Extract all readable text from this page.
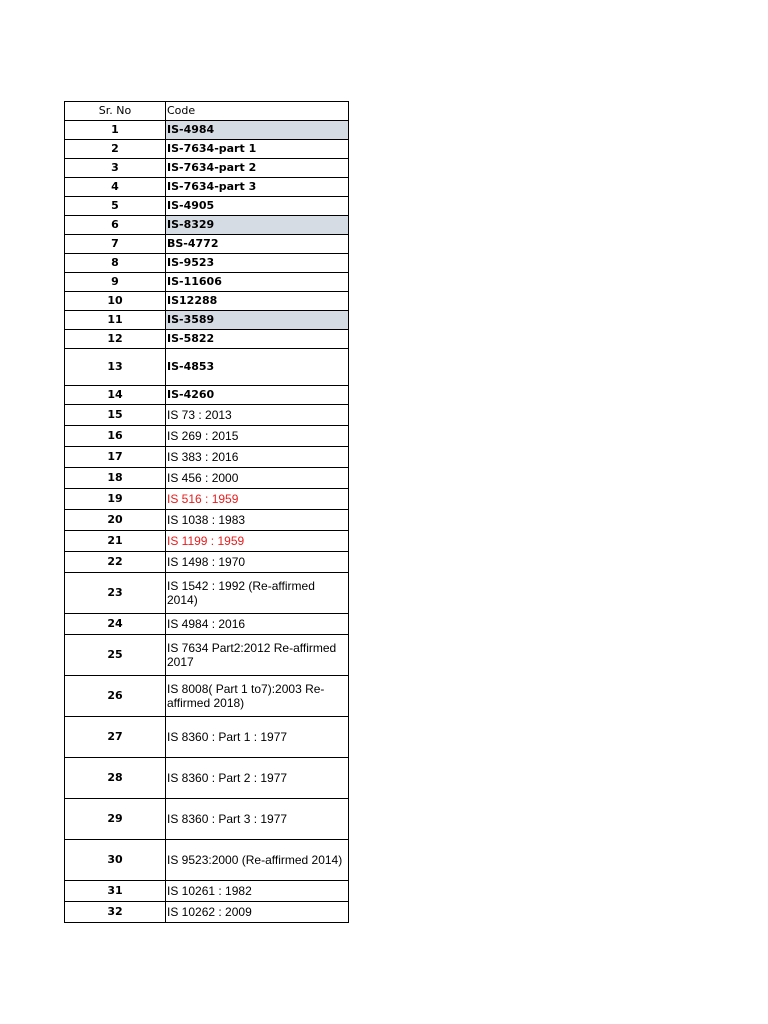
Sr. No	Code
1	IS-4984
2	IS-7634-part 1
3	IS-7634-part 2
4	IS-7634-part 3
5	IS-4905
6	IS-8329
7	BS-4772
8	IS-9523
9	IS-11606
10	IS12288
11	IS-3589
12	IS-5822
13	IS-4853
14	IS-4260
15	IS 73 : 2013
16	IS 269 : 2015
17	IS 383 : 2016
18	IS 456 : 2000
19	IS 516 : 1959
20	IS 1038 : 1983
21	IS 1199 : 1959
22	IS 1498 : 1970
23	IS 1542 : 1992 (Re-affirmed 2014)
24	IS 4984 : 2016
25	IS 7634 Part2:2012 Re-affirmed 2017
26	IS 8008( Part 1 to7):2003 Re-affirmed 2018)
27	IS 8360 : Part 1 : 1977
28	IS 8360 : Part 2 : 1977
29	IS 8360 : Part 3 : 1977
30	IS 9523:2000 (Re-affirmed 2014)
31	IS 10261 : 1982
32	IS 10262 : 2009
